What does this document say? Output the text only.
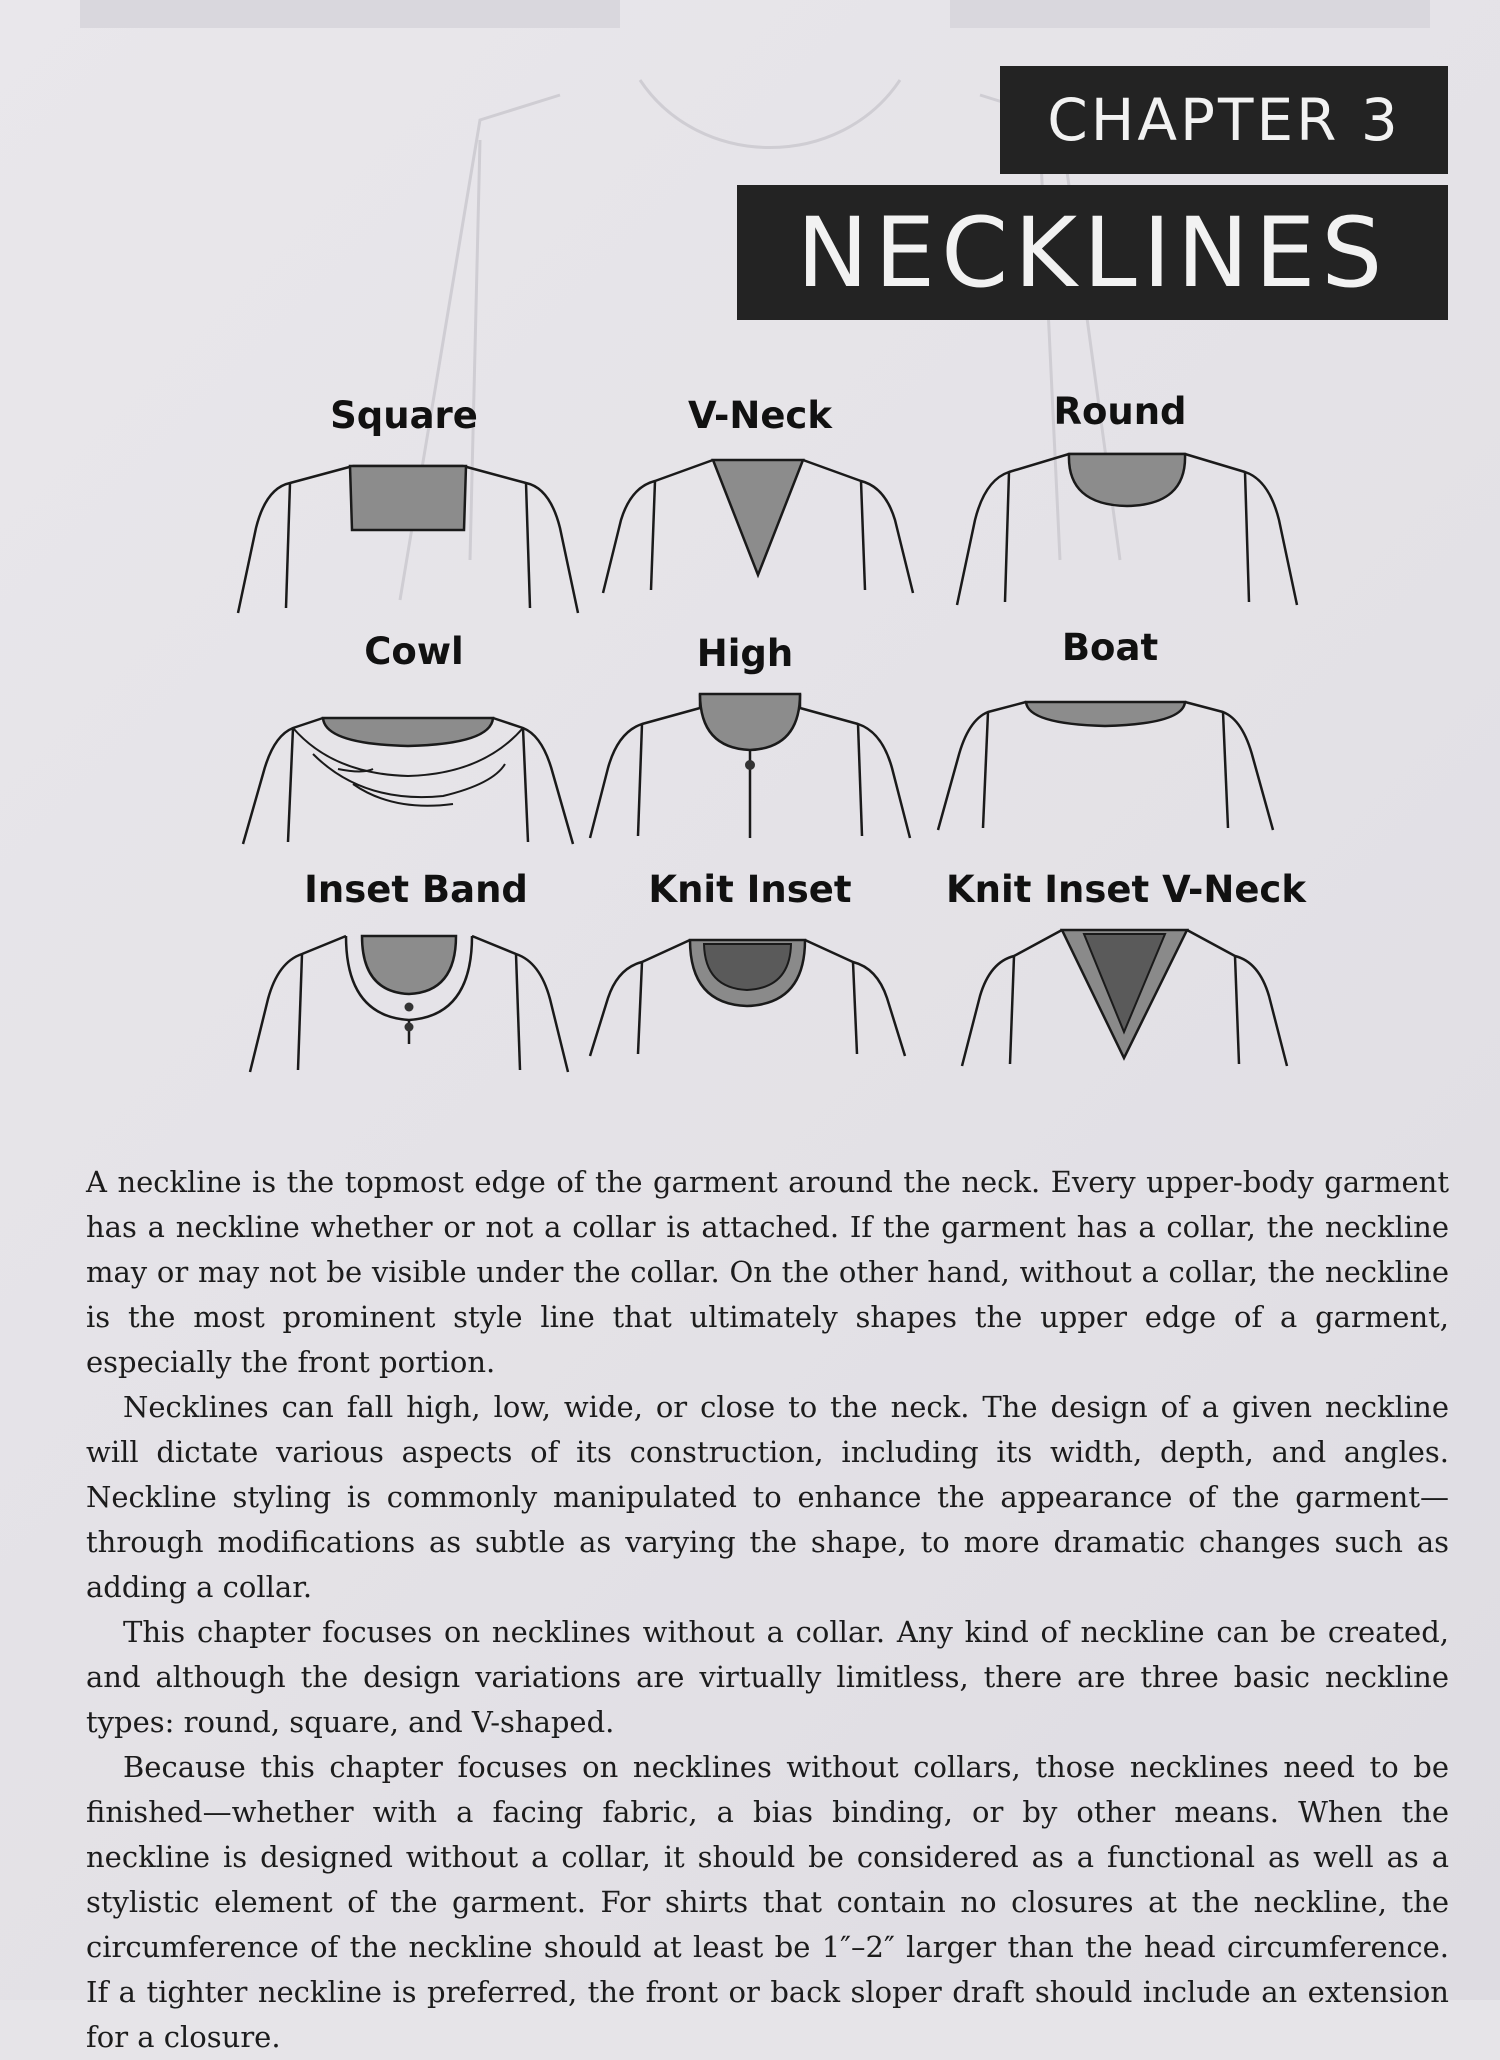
CHAPTER 3
NECKLINES
Square	V-Neck	Round
Cowl	High	Boat
Inset Band	Knit Inset	Knit Inset V-Neck

A neckline is the topmost edge of the garment around the neck. Every upper-body garment has a neckline whether or not a collar is attached. If the garment has a collar, the neckline may or may not be visible under the collar. On the other hand, without a collar, the neckline is the most prominent style line that ultimately shapes the upper edge of a garment, especially the front portion.

Necklines can fall high, low, wide, or close to the neck. The design of a given neckline will dictate various aspects of its construction, including its width, depth, and angles. Neckline styling is commonly manipulated to enhance the appearance of the garment—through modifications as subtle as varying the shape, to more dramatic changes such as adding a collar.

This chapter focuses on necklines without a collar. Any kind of neckline can be created, and although the design variations are virtually limitless, there are three basic neckline types: round, square, and V-shaped.

Because this chapter focuses on necklines without collars, those necklines need to be finished—whether with a facing fabric, a bias binding, or by other means. When the neckline is designed without a collar, it should be considered as a functional as well as a stylistic element of the garment. For shirts that contain no closures at the neckline, the circumference of the neckline should at least be 1″–2″ larger than the head circumference. If a tighter neckline is preferred, the front or back sloper draft should include an extension for a closure.
